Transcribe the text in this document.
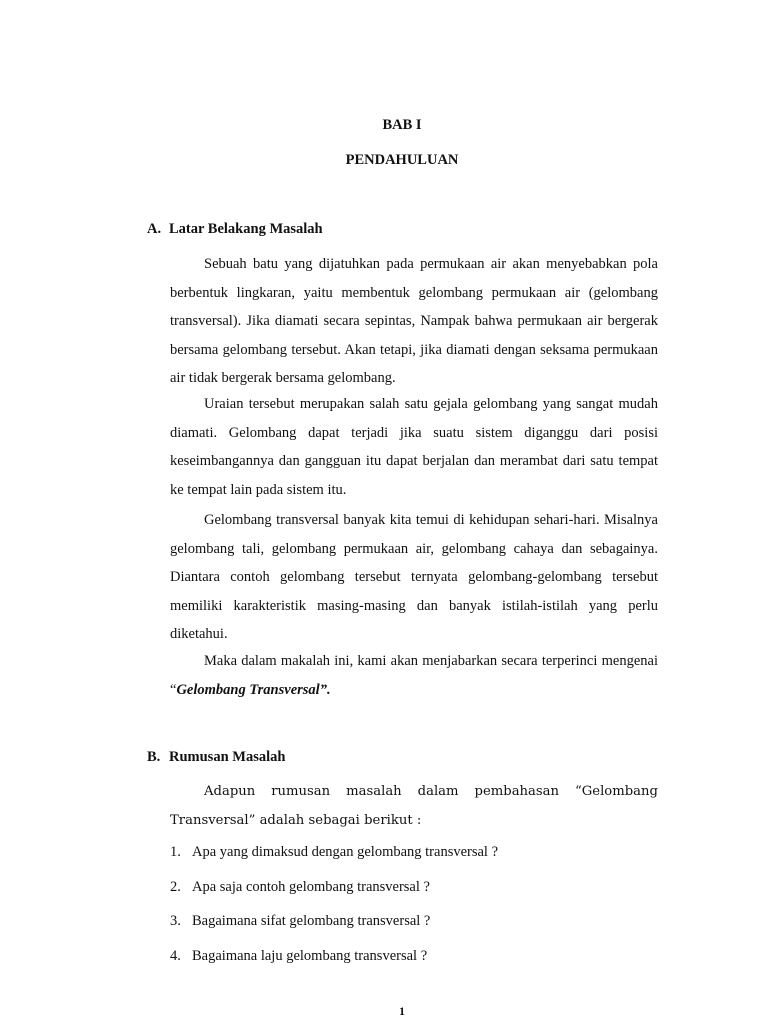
BAB I
PENDAHULUAN
A. Latar Belakang Masalah

Sebuah batu yang dijatuhkan pada permukaan air akan menyebabkan pola berbentuk lingkaran, yaitu membentuk gelombang permukaan air (gelombang transversal). Jika diamati secara sepintas, Nampak bahwa permukaan air bergerak bersama gelombang tersebut. Akan tetapi, jika diamati dengan seksama permukaan air tidak bergerak bersama gelombang.

Uraian tersebut merupakan salah satu gejala gelombang yang sangat mudah diamati. Gelombang dapat terjadi jika suatu sistem diganggu dari posisi keseimbangannya dan gangguan itu dapat berjalan dan merambat dari satu tempat ke tempat lain pada sistem itu.

Gelombang transversal banyak kita temui di kehidupan sehari-hari. Misalnya gelombang tali, gelombang permukaan air, gelombang cahaya dan sebagainya. Diantara contoh gelombang tersebut ternyata gelombang-gelombang tersebut memiliki karakteristik masing-masing dan banyak istilah-istilah yang perlu diketahui.

Maka dalam makalah ini, kami akan menjabarkan secara terperinci mengenai “Gelombang Transversal”.

B. Rumusan Masalah

Adapun rumusan masalah dalam pembahasan “Gelombang Transversal” adalah sebagai berikut :

1. Apa yang dimaksud dengan gelombang transversal ?
2. Apa saja contoh gelombang transversal ?
3. Bagaimana sifat gelombang transversal ?
4. Bagaimana laju gelombang transversal ?
1
